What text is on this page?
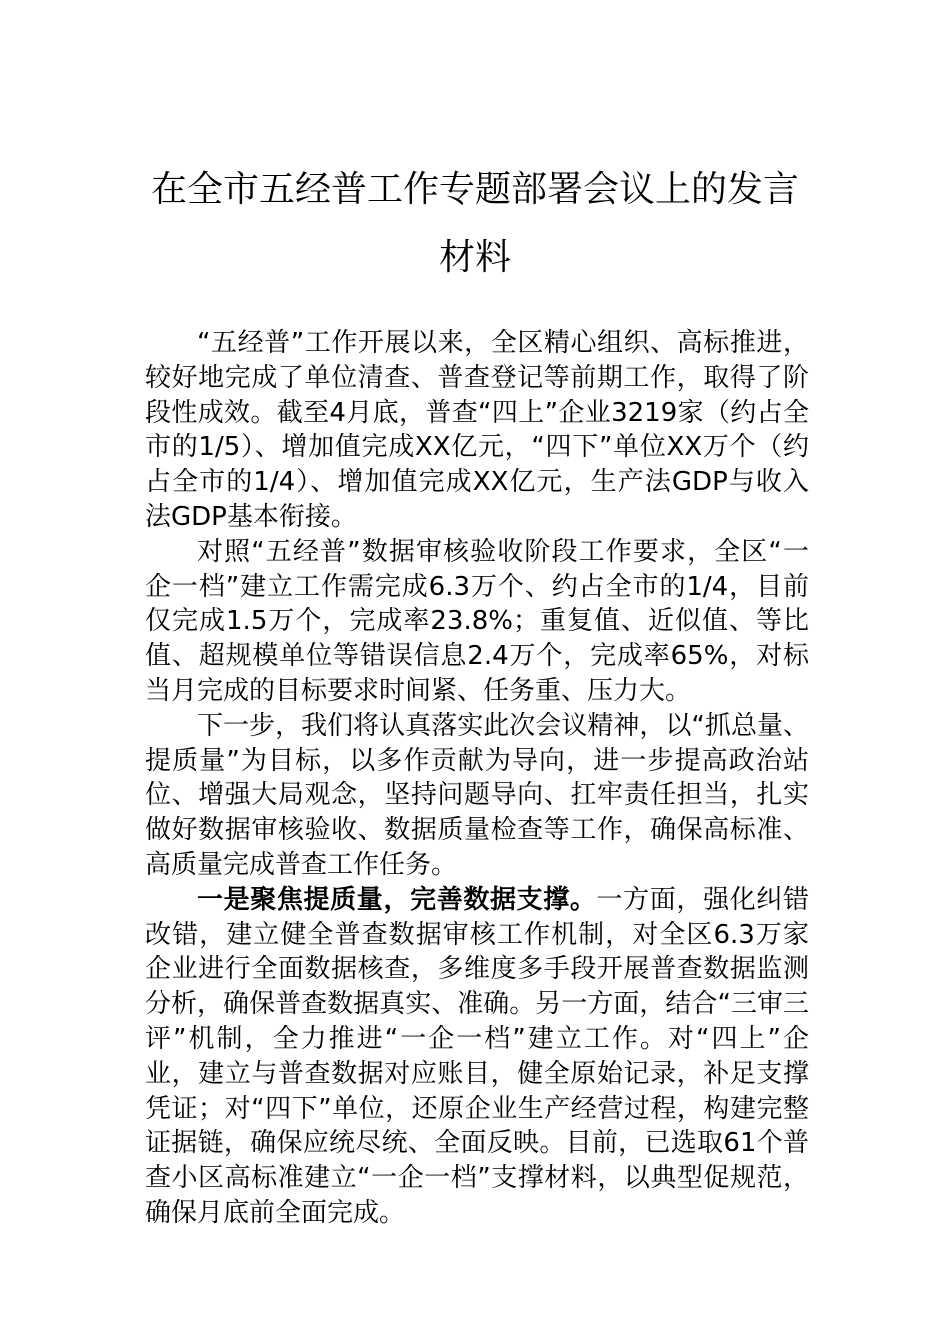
在全市五经普工作专题部署会议上的发言
材料

“五经普”工作开展以来，全区精心组织、高标推进，较好地完成了单位清查、普查登记等前期工作，取得了阶段性成效。截至4月底，普查“四上”企业3219家（约占全市的1/5）、增加值完成XX亿元，“四下”单位XX万个（约占全市的1/4）、增加值完成XX亿元，生产法GDP与收入法GDP基本衔接。

对照“五经普”数据审核验收阶段工作要求，全区“一企一档”建立工作需完成6.3万个、约占全市的1/4，目前仅完成1.5万个，完成率23.8%；重复值、近似值、等比值、超规模单位等错误信息2.4万个，完成率65%，对标当月完成的目标要求时间紧、任务重、压力大。

下一步，我们将认真落实此次会议精神，以“抓总量、提质量”为目标，以多作贡献为导向，进一步提高政治站位、增强大局观念，坚持问题导向、扛牢责任担当，扎实做好数据审核验收、数据质量检查等工作，确保高标准、高质量完成普查工作任务。

一是聚焦提质量，完善数据支撑。一方面，强化纠错改错，建立健全普查数据审核工作机制，对全区6.3万家企业进行全面数据核查，多维度多手段开展普查数据监测分析，确保普查数据真实、准确。另一方面，结合“三审三评”机制，全力推进“一企一档”建立工作。对“四上”企业，建立与普查数据对应账目，健全原始记录，补足支撑凭证；对“四下”单位，还原企业生产经营过程，构建完整证据链，确保应统尽统、全面反映。目前，已选取61个普查小区高标准建立“一企一档”支撑材料，以典型促规范，确保月底前全面完成。
